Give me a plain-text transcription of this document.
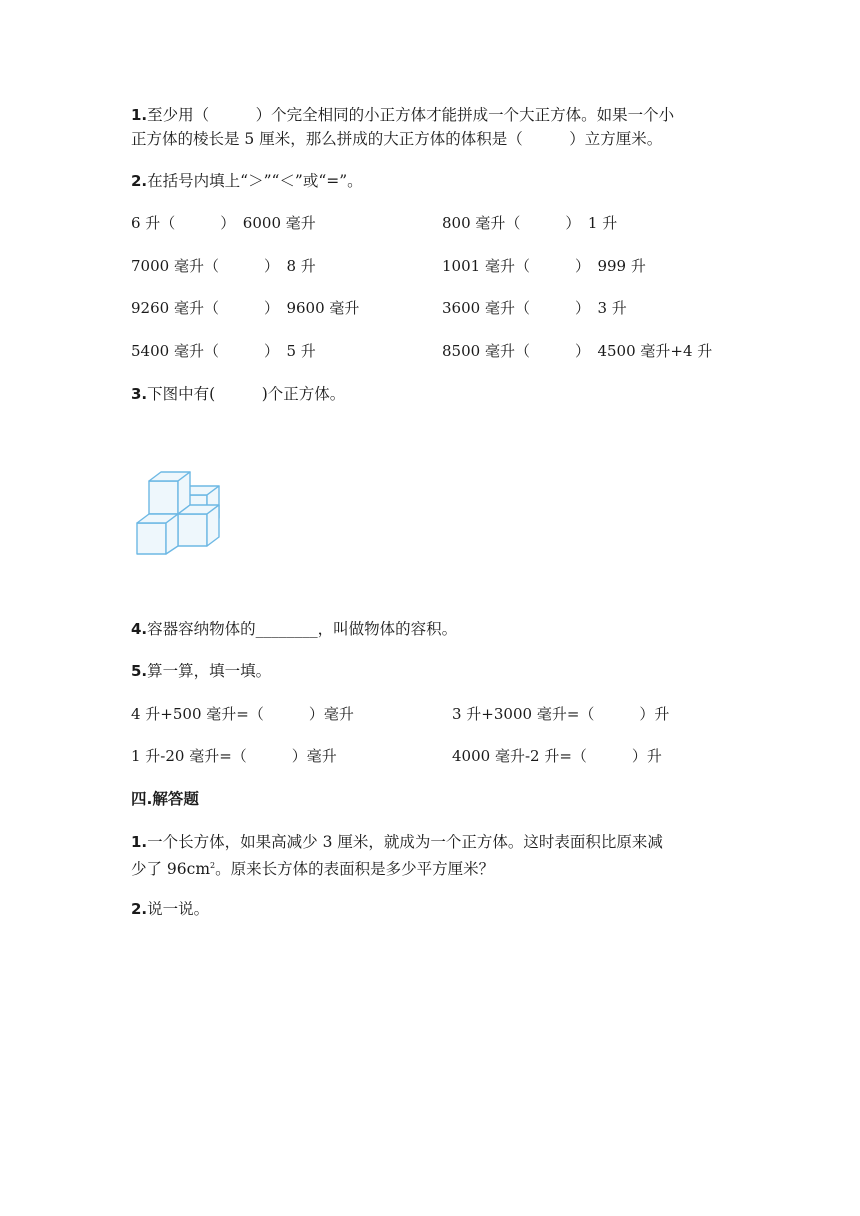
1.至少用（　　　）个完全相同的小正方体才能拼成一个大正方体。如果一个小
正方体的棱长是 5 厘米，那么拼成的大正方体的体积是（　　　）立方厘米。
2.在括号内填上“＞”“＜”或“=”。
6 升（　　　）　6000 毫升	800 毫升（　　　）　1 升
7000 毫升（　　　）　8 升	1001 毫升（　　　）　999 升
9260 毫升（　　　）　9600 毫升	3600 毫升（　　　）　3 升
5400 毫升（　　　）　5 升	8500 毫升（　　　）　4500 毫升+4 升
3.下图中有(　　　)个正方体。
4.容器容纳物体的________，叫做物体的容积。
5.算一算，填一填。
4 升+500 毫升=（　　　）毫升	3 升+3000 毫升=（　　　）升
1 升-20 毫升=（　　　）毫升	4000 毫升-2 升=（　　　）升
四.解答题
1.一个长方体，如果高减少 3 厘米，就成为一个正方体。这时表面积比原来减
少了 $96cm^2$。原来长方体的表面积是多少平方厘米？
2.说一说。
